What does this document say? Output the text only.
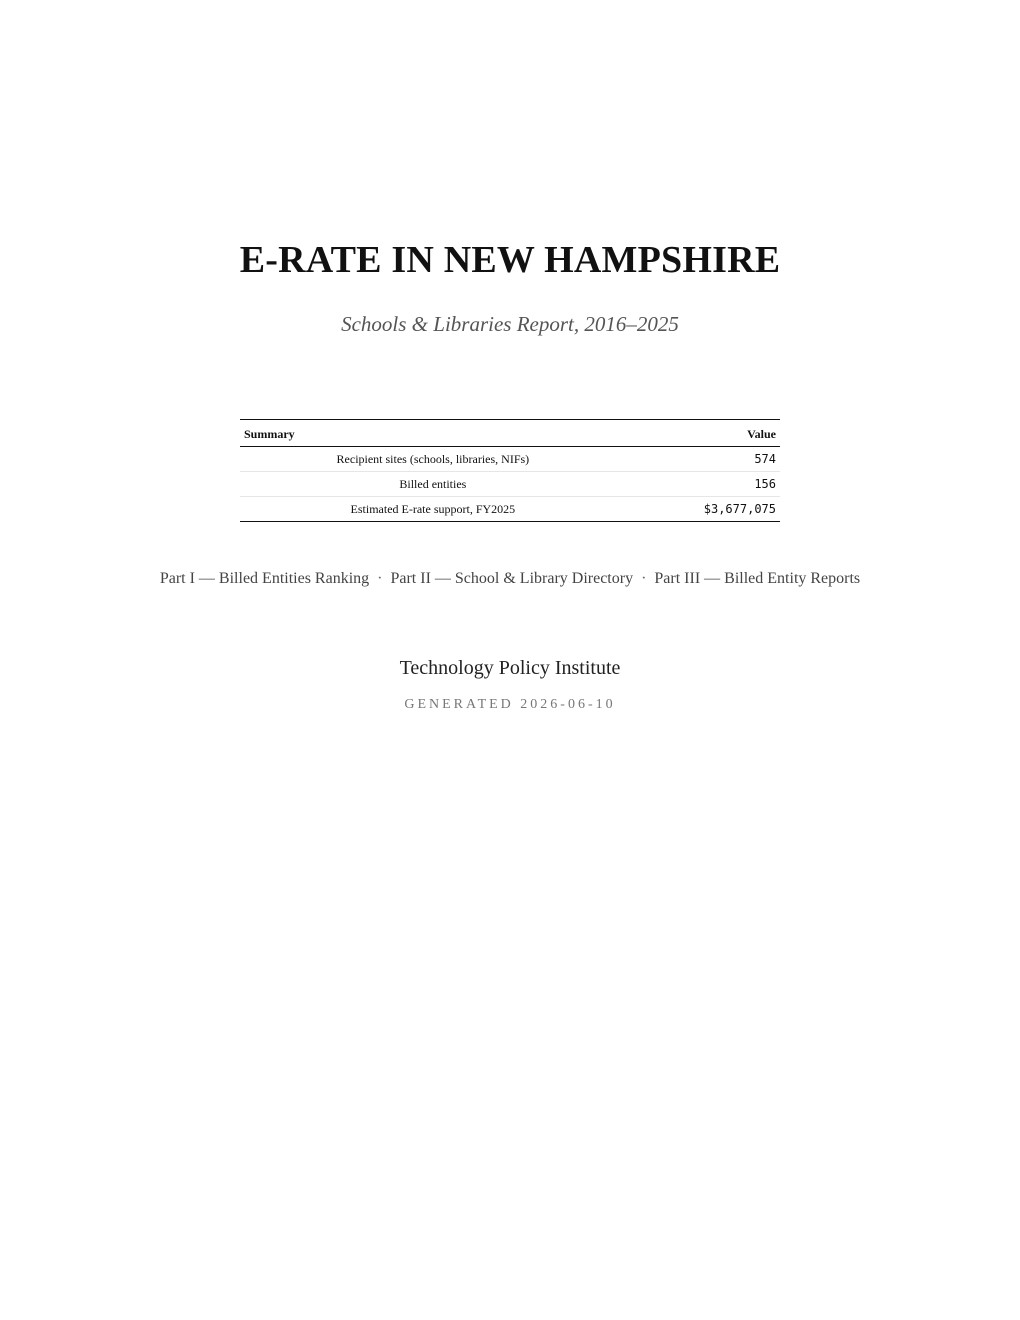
E-RATE IN NEW HAMPSHIRE
Schools & Libraries Report, 2016–2025
Summary	Value
Recipient sites (schools, libraries, NIFs)	574
Billed entities	156
Estimated E-rate support, FY2025	$3,677,075
Part I — Billed Entities Ranking · Part II — School & Library Directory · Part III — Billed Entity Reports
Technology Policy Institute
GENERATED 2026-06-10
